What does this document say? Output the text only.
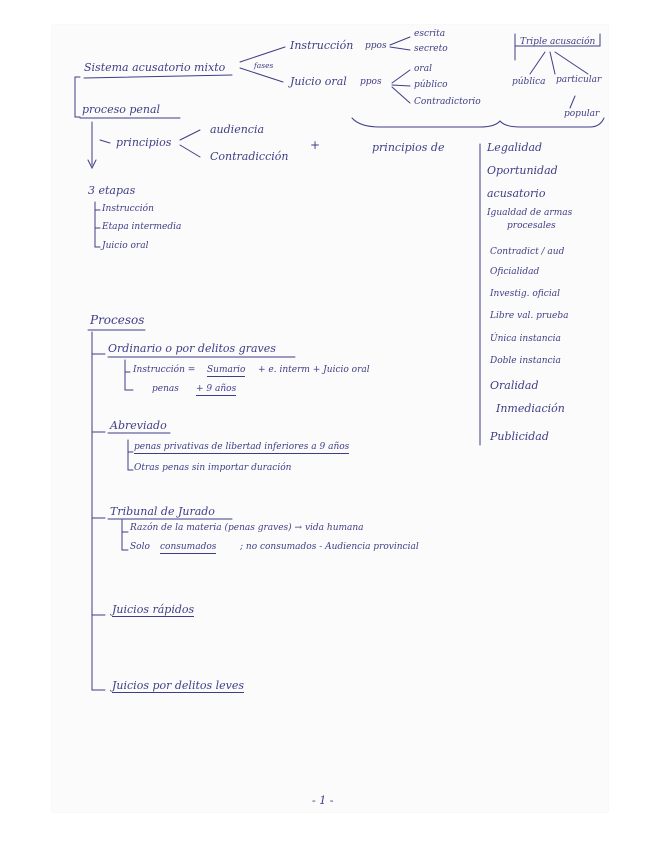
Sistema acusatorio mixto	fases
Instrucción ppos
escrita
secreto
Juicio oral ppos
oral
público
Contradictorio
Triple acusación
pública particular
popular
proceso penal
principios
audiencia
Contradicción
+	principios de	Legalidad
Oportunidad
acusatorio
Igualdad de armas
procesales
Contradict / aud
Oficialidad
Investig. oficial
Libre val. prueba
Única instancia
Doble instancia
Oralidad
Inmediación
Publicidad
3 etapas
Instrucción
Etapa intermedia
Juicio oral
Procesos
Ordinario o por delitos graves
Instrucción = Sumario + e. interm + Juicio oral
penas + 9 años
Abreviado
penas privativas de libertad inferiores a 9 años
Otras penas sin importar duración
Tribunal de Jurado
Razón de la materia (penas graves) → vida humana
Solo consumados	; no consumados - Audiencia provincial
Juicios rápidos
Juicios por delitos leves
- 1 -
